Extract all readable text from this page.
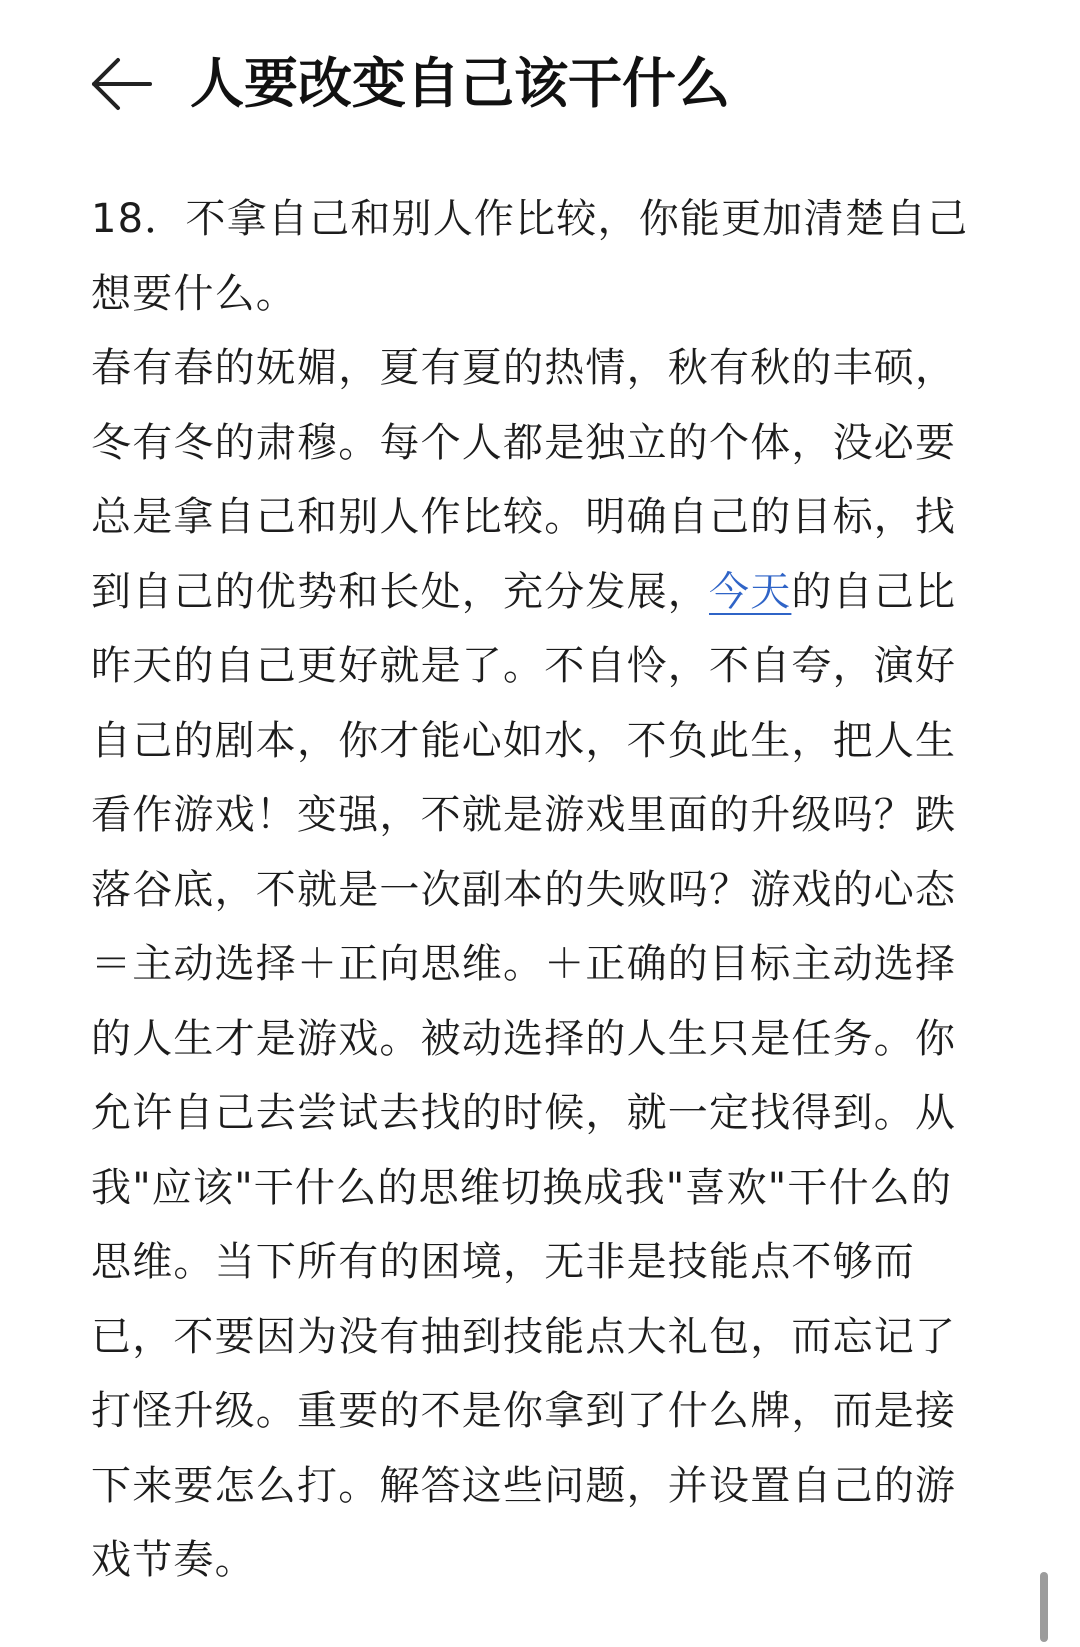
人要改变自己该干什么

18．不拿自己和别人作比较，你能更加清楚自己想要什么。

春有春的妩媚，夏有夏的热情，秋有秋的丰硕，冬有冬的肃穆。每个人都是独立的个体，没必要总是拿自己和别人作比较。明确自己的目标，找到自己的优势和长处，充分发展，今天的自己比昨天的自己更好就是了。不自怜，不自夸，演好自己的剧本，你才能心如水，不负此生，把人生看作游戏！变强，不就是游戏里面的升级吗？跌落谷底，不就是一次副本的失败吗？游戏的心态＝主动选择＋正向思维。＋正确的目标主动选择的人生才是游戏。被动选择的人生只是任务。你允许自己去尝试去找的时候，就一定找得到。从我"应该"干什么的思维切换成我"喜欢"干什么的思维。当下所有的困境，无非是技能点不够而已，不要因为没有抽到技能点大礼包，而忘记了打怪升级。重要的不是你拿到了什么牌，而是接下来要怎么打。解答这些问题，并设置自己的游戏节奏。
